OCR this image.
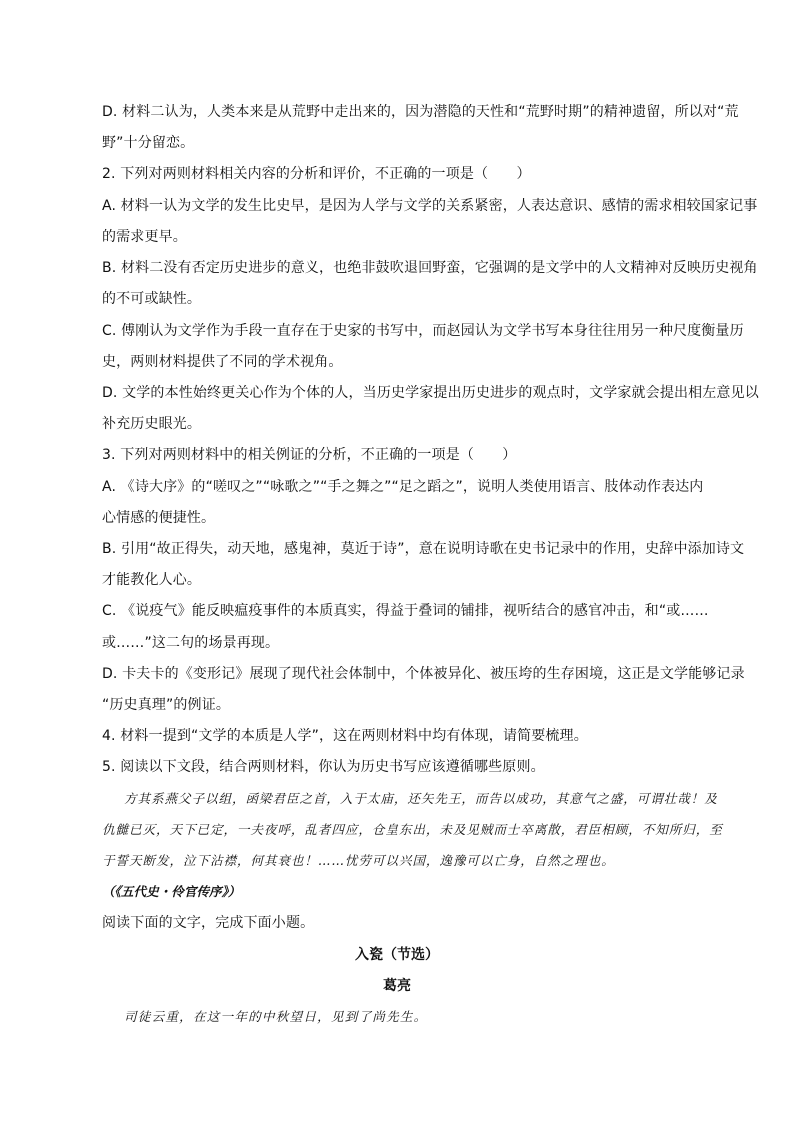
D. 材料二认为，人类本来是从荒野中走出来的，因为潜隐的天性和“荒野时期”的精神遗留，所以对“荒
野”十分留恋。
2. 下列对两则材料相关内容的分析和评价，不正确的一项是（　　）
A. 材料一认为文学的发生比史早，是因为人学与文学的关系紧密，人表达意识、感情的需求相较国家记事
的需求更早。
B. 材料二没有否定历史进步的意义，也绝非鼓吹退回野蛮，它强调的是文学中的人文精神对反映历史视角
的不可或缺性。
C. 傅刚认为文学作为手段一直存在于史家的书写中，而赵园认为文学书写本身往往用另一种尺度衡量历
史，两则材料提供了不同的学术视角。
D. 文学的本性始终更关心作为个体的人，当历史学家提出历史进步的观点时，文学家就会提出相左意见以
补充历史眼光。
3. 下列对两则材料中的相关例证的分析，不正确的一项是（　　）
A. 《诗大序》的“嗟叹之”“咏歌之”“手之舞之”“足之蹈之”，说明人类使用语言、肢体动作表达内
心情感的便捷性。
B. 引用“故正得失，动天地，感鬼神，莫近于诗”，意在说明诗歌在史书记录中的作用，史辞中添加诗文
才能教化人心。
C. 《说疫气》能反映瘟疫事件的本质真实，得益于叠词的铺排，视听结合的感官冲击，和“或……
或……”这二句的场景再现。
D. 卡夫卡的《变形记》展现了现代社会体制中，个体被异化、被压垮的生存困境，这正是文学能够记录
“历史真理”的例证。
4. 材料一提到“文学的本质是人学”，这在两则材料中均有体现，请简要梳理。
5. 阅读以下文段，结合两则材料，你认为历史书写应该遵循哪些原则。
方其系燕父子以组，函梁君臣之首，入于太庙，还矢先王，而告以成功，其意气之盛，可谓壮哉！及
仇雠已灭，天下已定，一夫夜呼，乱者四应，仓皇东出，未及见贼而士卒离散，君臣相顾，不知所归，至
于誓天断发，泣下沾襟，何其衰也！……忧劳可以兴国，逸豫可以亡身，自然之理也。
（《五代史・伶官传序》）
阅读下面的文字，完成下面小题。
入瓷（节选）
葛亮
司徒云重，在这一年的中秋望日，见到了尚先生。
